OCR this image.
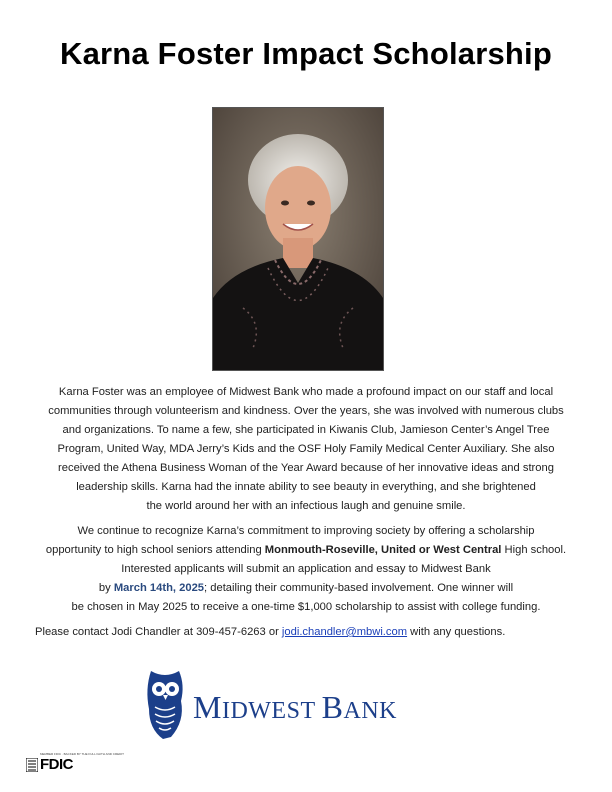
Karna Foster Impact Scholarship
Karna Foster was an employee of Midwest Bank who made a profound impact on our staff and local
communities through volunteerism and kindness. Over the years, she was involved with numerous clubs
and organizations. To name a few, she participated in Kiwanis Club, Jamieson Center’s Angel Tree
Program, United Way, MDA Jerry’s Kids and the OSF Holy Family Medical Center Auxiliary. She also
received the Athena Business Woman of the Year Award because of her innovative ideas and strong
leadership skills. Karna had the innate ability to see beauty in everything, and she brightened
the world around her with an infectious laugh and genuine smile.
We continue to recognize Karna’s commitment to improving society by offering a scholarship
opportunity to high school seniors attending Monmouth-Roseville, United or West Central High school.
Interested applicants will submit an application and essay to Midwest Bank
by March 14th, 2025; detailing their community-based involvement. One winner will
be chosen in May 2025 to receive a one-time $1,000 scholarship to assist with college funding.
Please contact Jodi Chandler at 309-457-6263 or jodi.chandler@mbwi.com with any questions.
MIDWEST BANK
MEMBER FDIC · BACKED BY THE FULL FAITH AND CREDIT
FDIC
